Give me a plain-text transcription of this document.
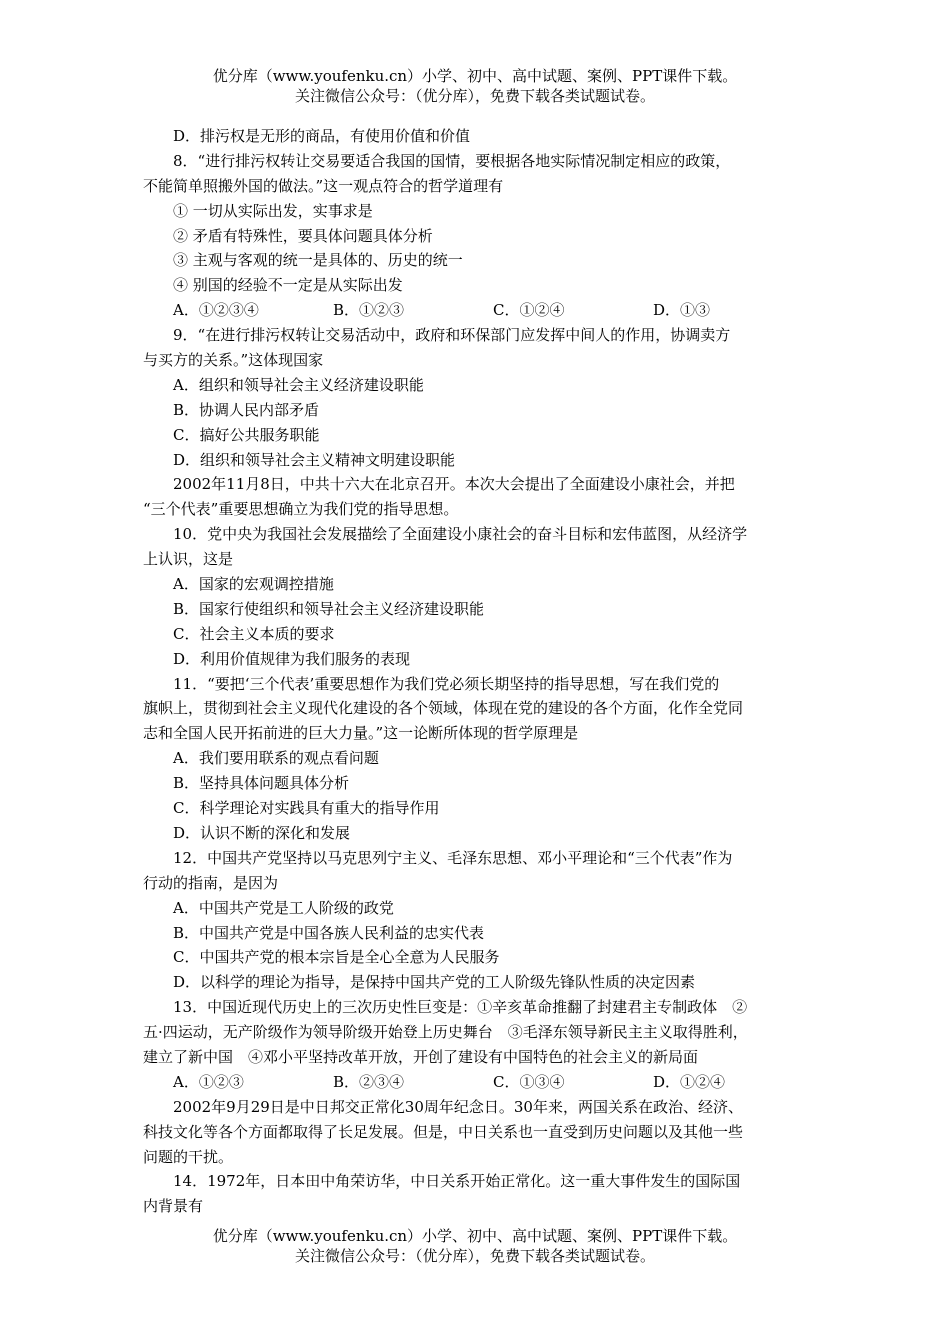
优分库（www.youfenku.cn）小学、初中、高中试题、案例、PPT课件下载。
关注微信公众号：（优分库），免费下载各类试题试卷。
D．排污权是无形的商品，有使用价值和价值
8．“进行排污权转让交易要适合我国的国情，要根据各地实际情况制定相应的政策，
不能简单照搬外国的做法。”这一观点符合的哲学道理有
① 一切从实际出发，实事求是
② 矛盾有特殊性，要具体问题具体分析
③ 主观与客观的统一是具体的、历史的统一
④ 别国的经验不一定是从实际出发
A．①②③④	B．①②③	C．①②④	D．①③
9．“在进行排污权转让交易活动中，政府和环保部门应发挥中间人的作用，协调卖方
与买方的关系。”这体现国家
A．组织和领导社会主义经济建设职能
B．协调人民内部矛盾
C．搞好公共服务职能
D．组织和领导社会主义精神文明建设职能
2002年11月8日，中共十六大在北京召开。本次大会提出了全面建设小康社会，并把
“三个代表”重要思想确立为我们党的指导思想。
10．党中央为我国社会发展描绘了全面建设小康社会的奋斗目标和宏伟蓝图，从经济学
上认识，这是
A．国家的宏观调控措施
B．国家行使组织和领导社会主义经济建设职能
C．社会主义本质的要求
D．利用价值规律为我们服务的表现
11．“要把‘三个代表’重要思想作为我们党必须长期坚持的指导思想，写在我们党的
旗帜上，贯彻到社会主义现代化建设的各个领域，体现在党的建设的各个方面，化作全党同
志和全国人民开拓前进的巨大力量。”这一论断所体现的哲学原理是
A．我们要用联系的观点看问题
B．坚持具体问题具体分析
C．科学理论对实践具有重大的指导作用
D．认识不断的深化和发展
12．中国共产党坚持以马克思列宁主义、毛泽东思想、邓小平理论和“三个代表”作为
行动的指南，是因为
A．中国共产党是工人阶级的政党
B．中国共产党是中国各族人民利益的忠实代表
C．中国共产党的根本宗旨是全心全意为人民服务
D．以科学的理论为指导，是保持中国共产党的工人阶级先锋队性质的决定因素
13．中国近现代历史上的三次历史性巨变是：①辛亥革命推翻了封建君主专制政体　②
五·四运动，无产阶级作为领导阶级开始登上历史舞台　③毛泽东领导新民主主义取得胜利，
建立了新中国　④邓小平坚持改革开放，开创了建设有中国特色的社会主义的新局面
A．①②③	B．②③④	C．①③④	D．①②④
2002年9月29日是中日邦交正常化30周年纪念日。30年来，两国关系在政治、经济、
科技文化等各个方面都取得了长足发展。但是，中日关系也一直受到历史问题以及其他一些
问题的干扰。
14．1972年，日本田中角荣访华，中日关系开始正常化。这一重大事件发生的国际国
内背景有
优分库（www.youfenku.cn）小学、初中、高中试题、案例、PPT课件下载。
关注微信公众号：（优分库），免费下载各类试题试卷。
